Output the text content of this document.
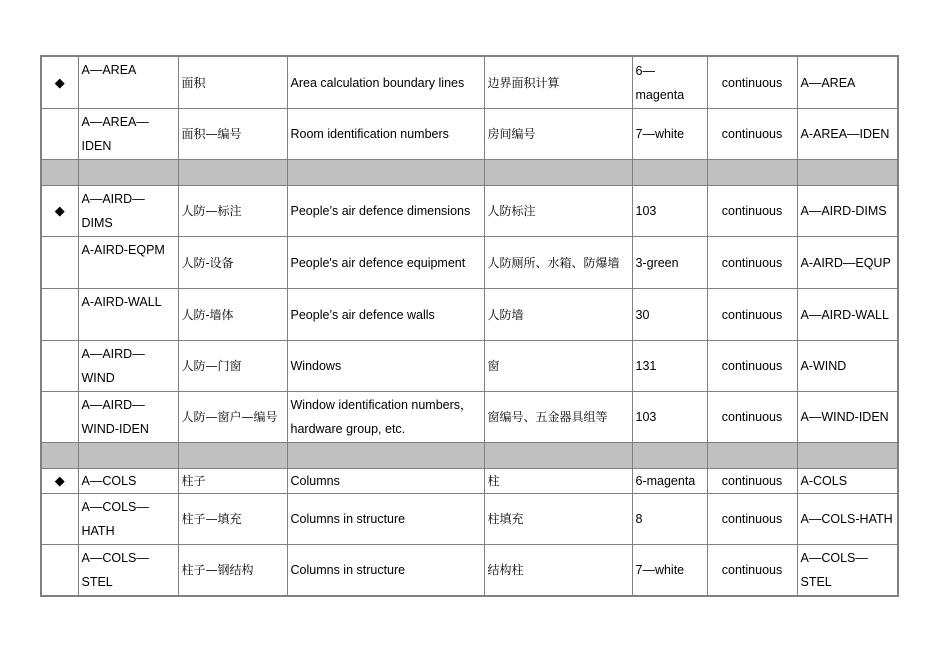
◆	A—AREA	面积	Area calculation boundary lines	边界面积计算	6—magenta	continuous	A—AREA
	A—AREA—IDEN	面积—编号	Room identification numbers	房间编号	7—white	continuous	A-AREA—IDEN

◆	A—AIRD—DIMS	人防—标注	People’s air defence dimensions	人防标注	103	continuous	A—AIRD-DIMS
	A-AIRD-EQPM	人防-设备	People's air defence equipment	人防厕所、水箱、防爆墙	3-green	continuous	A-AIRD—EQUP
	A-AIRD-WALL	人防-墙体	People’s air defence walls	人防墙	30	continuous	A—AIRD-WALL
	A—AIRD—WIND	人防—门窗	Windows	窗	131	continuous	A-WIND
	A—AIRD—WIND-IDEN	人防—窗户—编号	Window identification numbers，hardware group, etc.	窗编号、五金器具组等	103	continuous	A—WIND-IDEN

◆	A—COLS	柱子	Columns	柱	6-magenta	continuous	A-COLS
	A—COLS—HATH	柱子—填充	Columns in structure	柱填充	8	continuous	A—COLS-HATH
	A—COLS—STEL	柱子—钢结构	Columns in structure	结构柱	7—white	continuous	A—COLS—STEL
